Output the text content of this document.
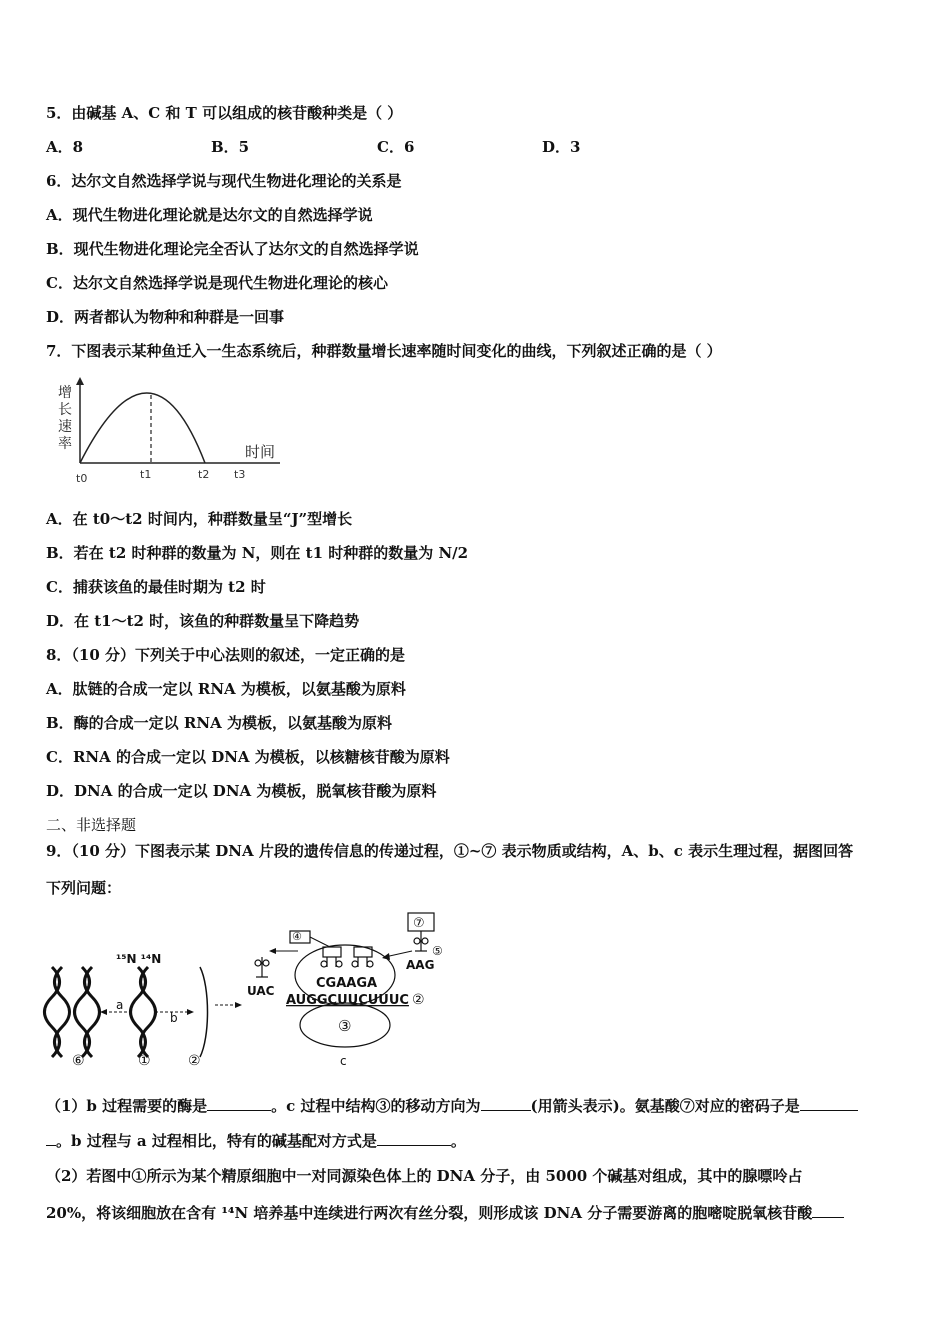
5．由碱基 A、C 和 T 可以组成的核苷酸种类是（ ）
A．8	B．5	C．6	D．3
6．达尔文自然选择学说与现代生物进化理论的关系是
A．现代生物进化理论就是达尔文的自然选择学说
B．现代生物进化理论完全否认了达尔文的自然选择学说
C．达尔文自然选择学说是现代生物进化理论的核心
D．两者都认为物种和种群是一回事
7．下图表示某种鱼迁入一生态系统后，种群数量增长速率随时间变化的曲线，下列叙述正确的是（ ）
增
长
速
率	时间
t0	t1	t2 t3
A．在 t0～t2 时间内，种群数量呈“J”型增长
B．若在 t2 时种群的数量为 N，则在 t1 时种群的数量为 N/2
C．捕获该鱼的最佳时期为 t2 时
D．在 t1～t2 时，该鱼的种群数量呈下降趋势
8．（10 分）下列关于中心法则的叙述，一定正确的是
A．肽链的合成一定以 RNA 为模板，以氨基酸为原料
B．酶的合成一定以 RNA 为模板，以氨基酸为原料
C．RNA 的合成一定以 DNA 为模板，以核糖核苷酸为原料
D．DNA 的合成一定以 DNA 为模板，脱氧核苷酸为原料
二、非选择题
9．（10 分）下图表示某 DNA 片段的遗传信息的传递过程，①~⑦ 表示物质或结构，A、b、c 表示生理过程，据图回答
下列问题：
¹⁵N ¹⁴N
a
b
⑥	①	②
③
c
④
UAC
⑦
⑤
AAG
CGAAGA
AUGGCUUCUUUC ②
（1）b 过程需要的酶是	。c 过程中结构③的移动方向为	(用箭头表示)。氨基酸⑦对应的密码子是
。b 过程与 a 过程相比，特有的碱基配对方式是	。
（2）若图中①所示为某个精原细胞中一对同源染色体上的 DNA 分子，由 5000 个碱基对组成，其中的腺嘌呤占
20%，将该细胞放在含有 ¹⁴N 培养基中连续进行两次有丝分裂，则形成该 DNA 分子需要游离的胞嘧啶脱氧核苷酸
